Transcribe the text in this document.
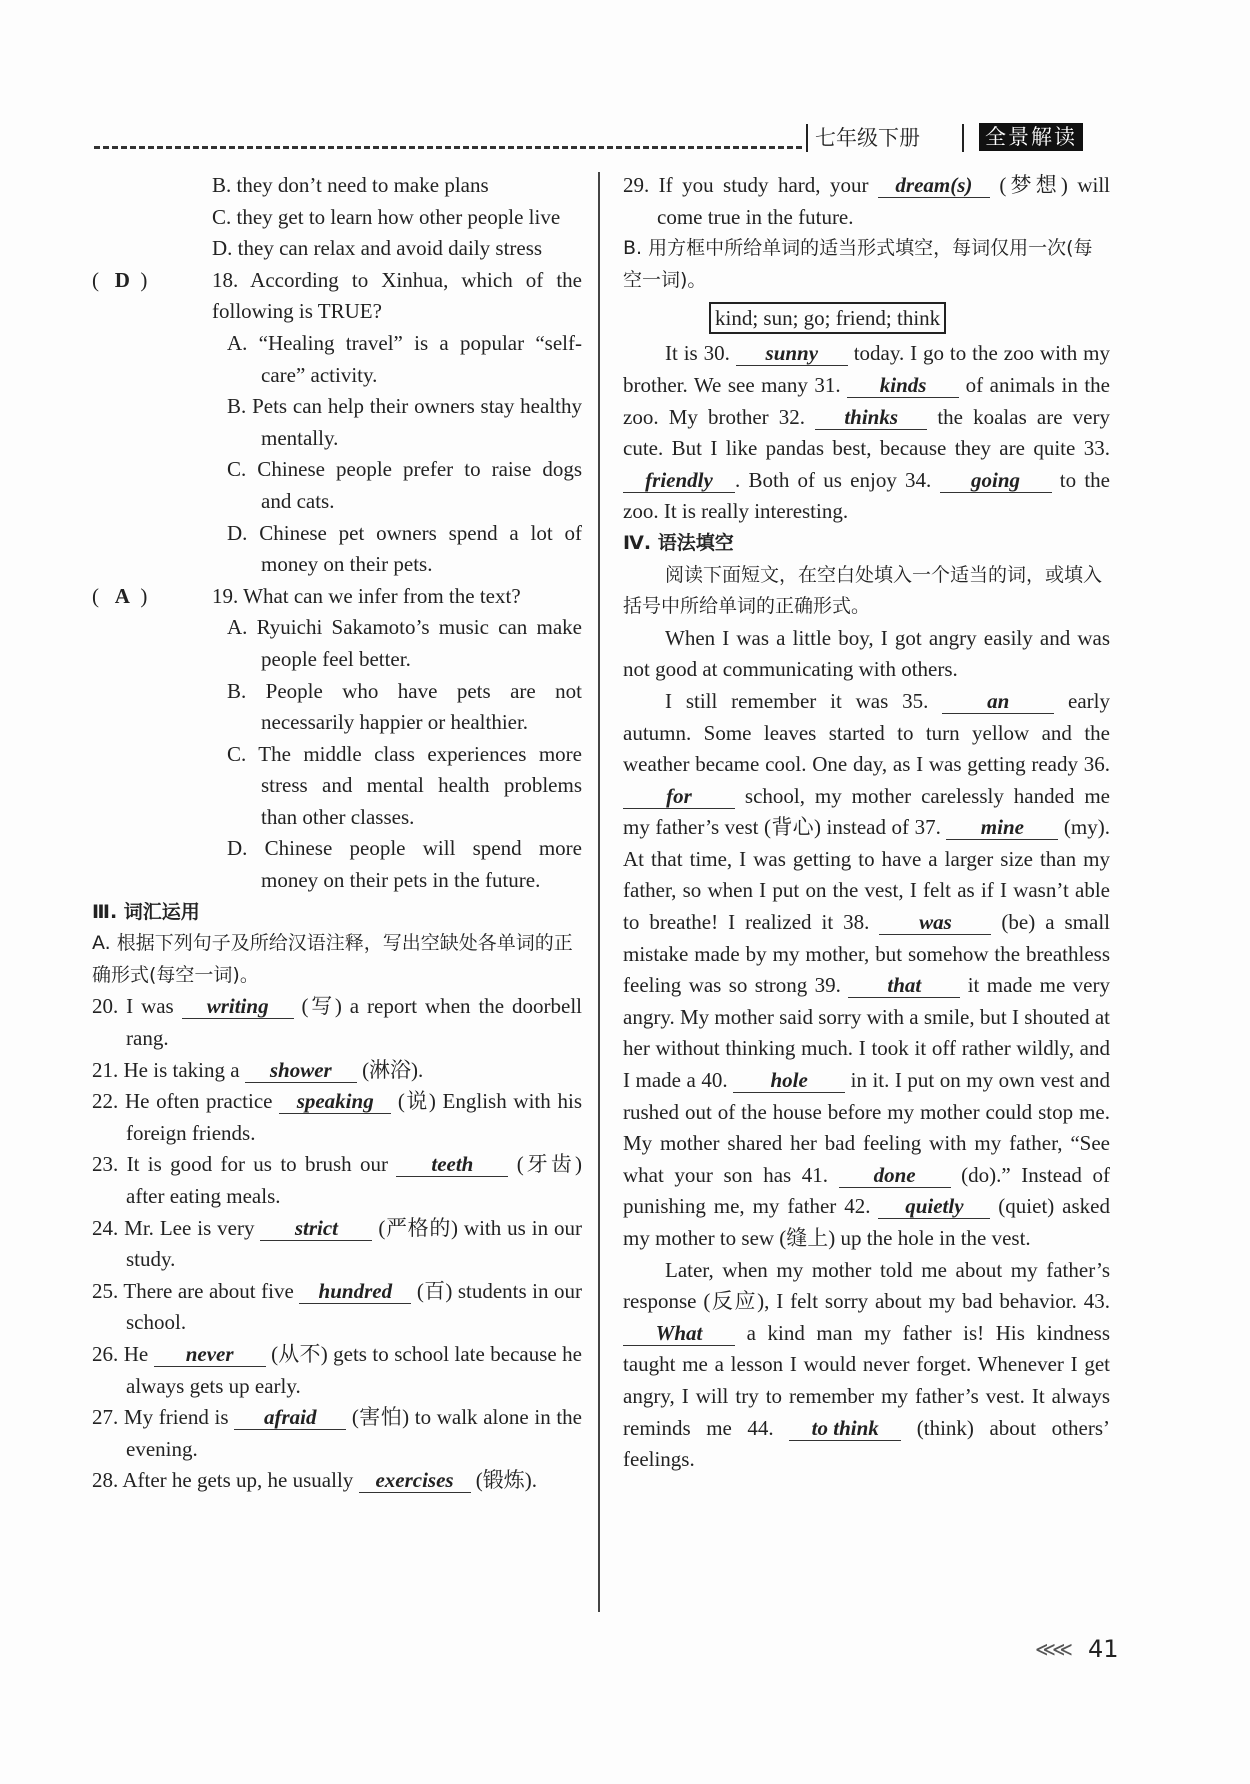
七年级下册	全景解读
B. they don’t need to make plans
C. they get to learn how other people live
D. they can relax and avoid daily stress
(   D  )	18. According to Xinhua, which of the following is TRUE?
A. “Healing travel” is a popular “self-care” activity.
B. Pets can help their owners stay healthy mentally.
C. Chinese people prefer to raise dogs and cats.
D. Chinese pet owners spend a lot of money on their pets.
(   A  )	19. What can we infer from the text?
A. Ryuichi Sakamoto’s music can make people feel better.
B. People who have pets are not necessarily happier or healthier.
C. The middle class experiences more stress and mental health problems than other classes.
D. Chinese people will spend more money on their pets in the future.
Ⅲ. 词汇运用
A. 根据下列句子及所给汉语注释，写出空缺处各单词的正确形式(每空一词)。
20. I was writing (写) a report when the doorbell rang.
21. He is taking a shower (淋浴).
22. He often practice speaking (说) English with his foreign friends.
23. It is good for us to brush our teeth (牙齿) after eating meals.
24. Mr. Lee is very strict (严格的) with us in our study.
25. There are about five hundred (百) students in our school.
26. He never (从不) gets to school late because he always gets up early.
27. My friend is afraid (害怕) to walk alone in the evening.
28. After he gets up, he usually exercises (锻炼).
29. If you study hard, your dream(s) (梦想) will come true in the future.
B. 用方框中所给单词的适当形式填空，每词仅用一次(每空一词)。
kind; sun; go; friend; think
It is 30. sunny today. I go to the zoo with my brother. We see many 31. kinds of animals in the zoo. My brother 32. thinks the koalas are very cute. But I like pandas best, because they are quite 33. friendly . Both of us enjoy 34. going to the zoo. It is really interesting.
Ⅳ. 语法填空
阅读下面短文，在空白处填入一个适当的词，或填入括号中所给单词的正确形式。
When I was a little boy, I got angry easily and was not good at communicating with others.
I still remember it was 35. an early autumn. Some leaves started to turn yellow and the weather became cool. One day, as I was getting ready 36. for school, my mother carelessly handed me my father’s vest (背心) instead of 37. mine (my). At that time, I was getting to have a larger size than my father, so when I put on the vest, I felt as if I wasn’t able to breathe! I realized it 38. was (be) a small mistake made by my mother, but somehow the breathless feeling was so strong 39. that it made me very angry. My mother said sorry with a smile, but I shouted at her without thinking much. I took it off rather wildly, and I made a 40. hole in it. I put on my own vest and rushed out of the house before my mother could stop me. My mother shared her bad feeling with my father, “See what your son has 41. done (do).” Instead of punishing me, my father 42. quietly (quiet) asked my mother to sew (缝上) up the hole in the vest.
Later, when my mother told me about my father’s response (反应), I felt sorry about my bad behavior. 43. What a kind man my father is! His kindness taught me a lesson I would never forget. Whenever I get angry, I will try to remember my father’s vest. It always reminds me 44. to think (think) about others’ feelings.
≪≪ 41
